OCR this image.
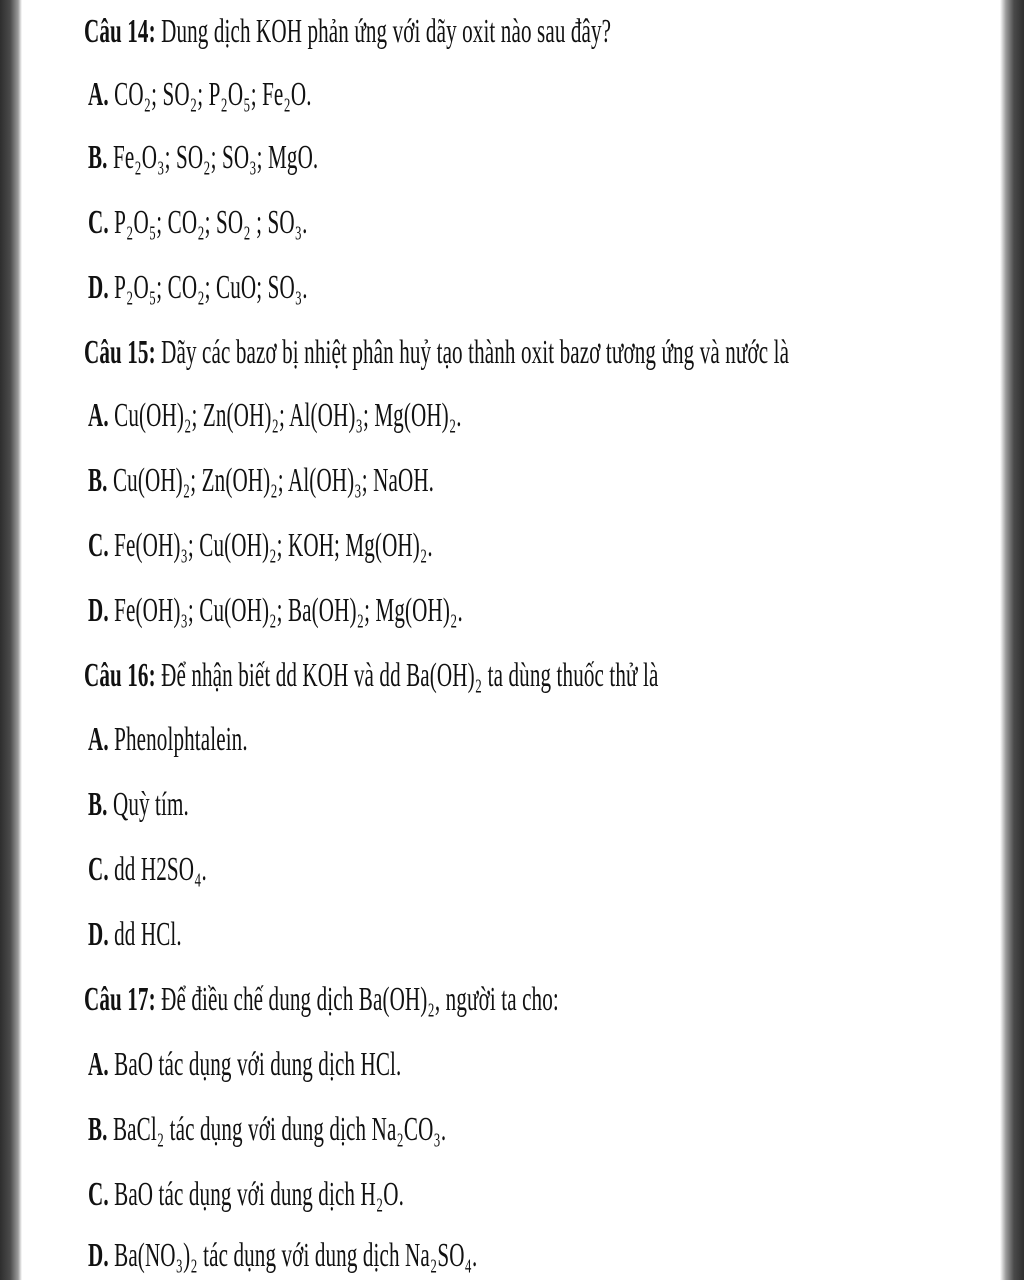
Câu 14: Dung dịch KOH phản ứng với dãy oxit nào sau đây?
A. CO₂; SO₂; P₂O₅; Fe₂O.
B. Fe₂O₃; SO₂; SO₃; MgO.
C. P₂O₅; CO₂; SO₂ ; SO₃.
D. P₂O₅; CO₂; CuO; SO₃.
Câu 15: Dãy các bazơ bị nhiệt phân huỷ tạo thành oxit bazơ tương ứng và nước là
A. Cu(OH)₂; Zn(OH)₂; Al(OH)₃; Mg(OH)₂.
B. Cu(OH)₂; Zn(OH)₂; Al(OH)₃; NaOH.
C. Fe(OH)₃; Cu(OH)₂; KOH; Mg(OH)₂.
D. Fe(OH)₃; Cu(OH)₂; Ba(OH)₂; Mg(OH)₂.
Câu 16: Để nhận biết dd KOH và dd Ba(OH)₂ ta dùng thuốc thử là
A. Phenolphtalein.
B. Quỳ tím.
C. dd H2SO₄.
D. dd HCl.
Câu 17: Để điều chế dung dịch Ba(OH)₂, người ta cho:
A. BaO tác dụng với dung dịch HCl.
B. BaCl₂ tác dụng với dung dịch Na₂CO₃.
C. BaO tác dụng với dung dịch H₂O.
D. Ba(NO₃)₂ tác dụng với dung dịch Na₂SO₄.
